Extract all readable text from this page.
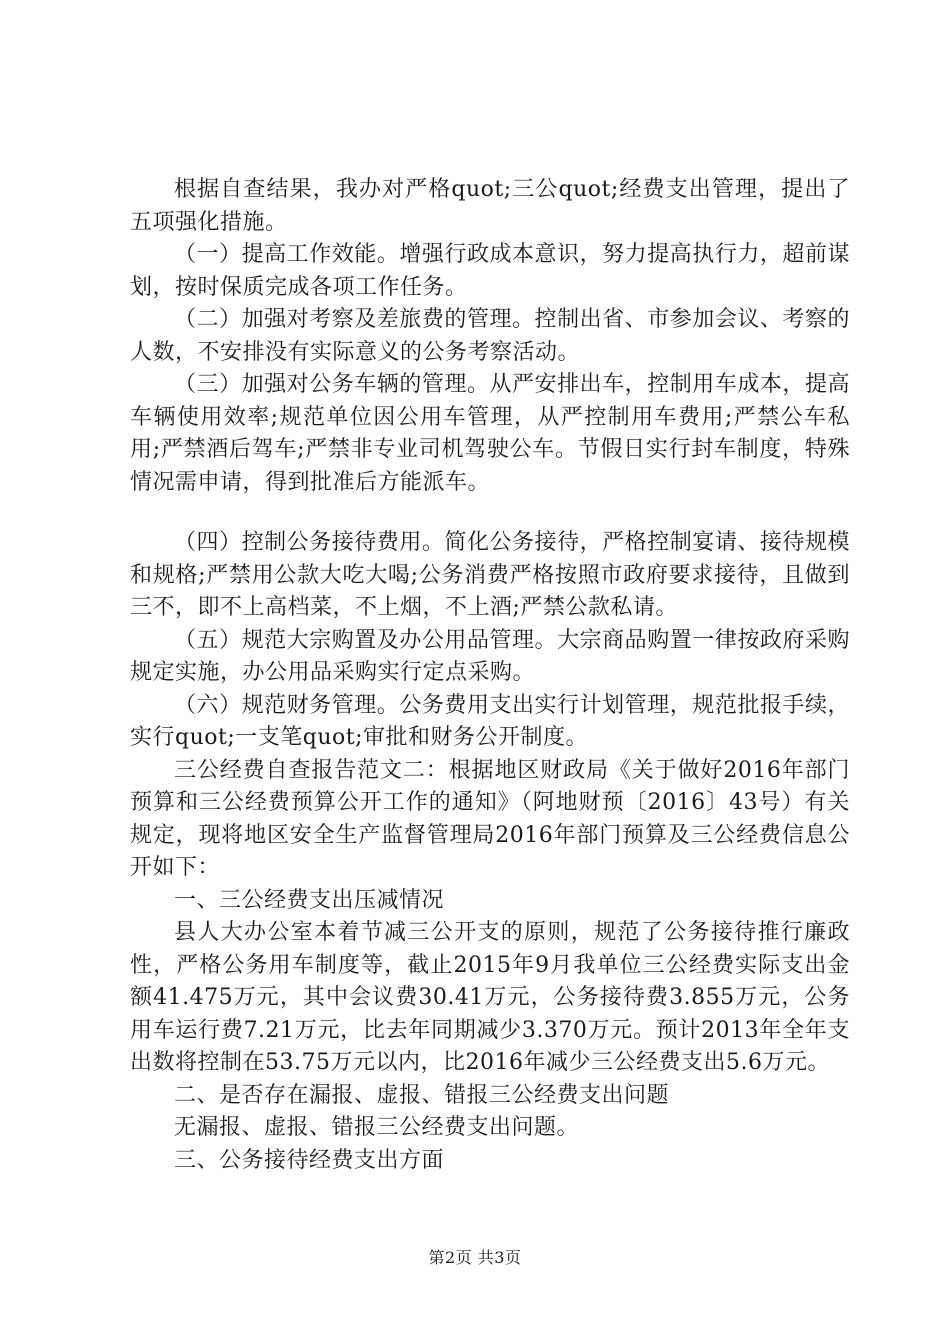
根据自查结果，我办对严格quot;三公quot;经费支出管理，提出了五项强化措施。

（一）提高工作效能。增强行政成本意识，努力提高执行力，超前谋划，按时保质完成各项工作任务。

（二）加强对考察及差旅费的管理。控制出省、市参加会议、考察的人数，不安排没有实际意义的公务考察活动。

（三）加强对公务车辆的管理。从严安排出车，控制用车成本，提高车辆使用效率;规范单位因公用车管理，从严控制用车费用;严禁公车私用;严禁酒后驾车;严禁非专业司机驾驶公车。节假日实行封车制度，特殊情况需申请，得到批准后方能派车。

（四）控制公务接待费用。简化公务接待，严格控制宴请、接待规模和规格;严禁用公款大吃大喝;公务消费严格按照市政府要求接待，且做到三不，即不上高档菜，不上烟，不上酒;严禁公款私请。

（五）规范大宗购置及办公用品管理。大宗商品购置一律按政府采购规定实施，办公用品采购实行定点采购。

（六）规范财务管理。公务费用支出实行计划管理，规范批报手续，实行quot;一支笔quot;审批和财务公开制度。

三公经费自查报告范文二：根据地区财政局《关于做好2016年部门预算和三公经费预算公开工作的通知》（阿地财预〔2016〕43号）有关规定，现将地区安全生产监督管理局2016年部门预算及三公经费信息公开如下：

一、三公经费支出压减情况

县人大办公室本着节减三公开支的原则，规范了公务接待推行廉政性，严格公务用车制度等，截止2015年9月我单位三公经费实际支出金额41.475万元，其中会议费30.41万元，公务接待费3.855万元，公务用车运行费7.21万元，比去年同期减少3.370万元。预计2013年全年支出数将控制在53.75万元以内，比2016年减少三公经费支出5.6万元。

二、是否存在漏报、虚报、错报三公经费支出问题

无漏报、虚报、错报三公经费支出问题。

三、公务接待经费支出方面

第2页 共3页
